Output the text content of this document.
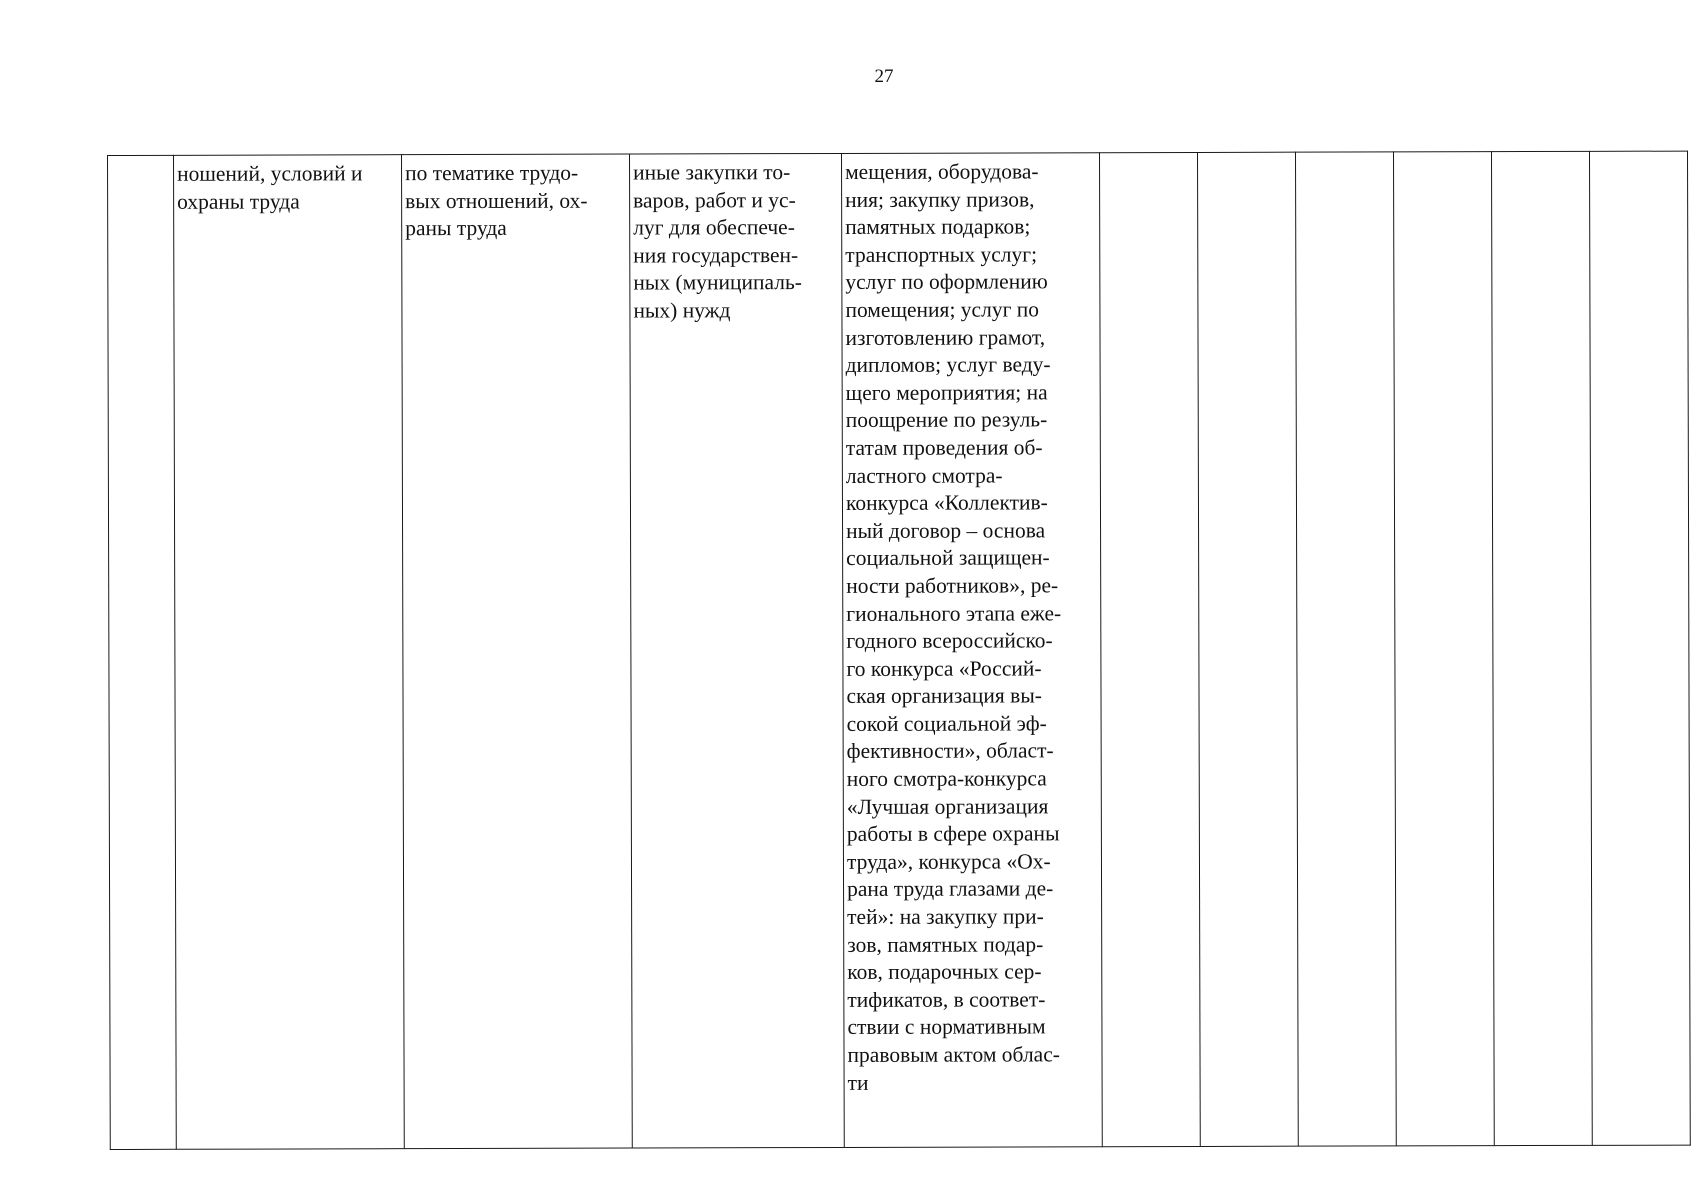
27
	ношений, условий и
охраны труда	по тематике трудо-
вых отношений, ох-
раны труда	иные закупки то-
варов, работ и ус-
луг для обеспече-
ния государствен-
ных (муниципаль-
ных) нужд	мещения, оборудова-
ния; закупку призов,
памятных подарков;
транспортных услуг;
услуг по оформлению
помещения; услуг по
изготовлению грамот,
дипломов; услуг веду-
щего мероприятия; на
поощрение по резуль-
татам проведения об-
ластного смотра-
конкурса «Коллектив-
ный договор – основа
социальной защищен-
ности работников», ре-
гионального этапа еже-
годного всероссийско-
го конкурса «Россий-
ская организация вы-
сокой социальной эф-
фективности», област-
ного смотра-конкурса
«Лучшая организация
работы в сфере охраны
труда», конкурса «Ох-
рана труда глазами де-
тей»: на закупку при-
зов, памятных подар-
ков, подарочных сер-
тификатов, в соответ-
ствии с нормативным
правовым актом облас-
ти						
